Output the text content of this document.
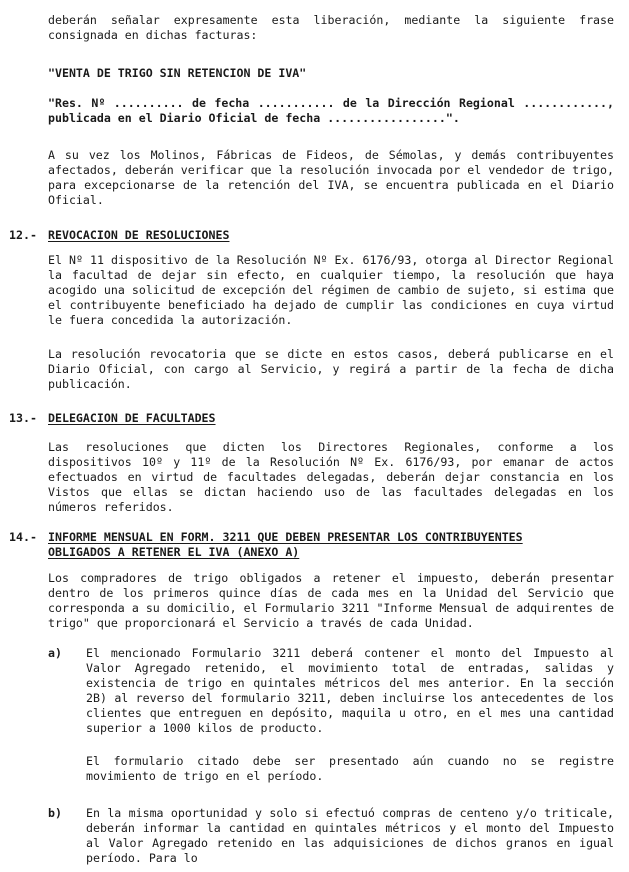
deberán señalar expresamente esta liberación, mediante la siguiente frase consignada en dichas facturas:
"VENTA DE TRIGO SIN RETENCION DE IVA"
"Res. Nº .......... de fecha ........... de la Dirección Regional ............, publicada en el Diario Oficial de fecha .................".
A su vez los Molinos, Fábricas de Fideos, de Sémolas, y demás contribuyentes afectados, deberán verificar que la resolución invocada por el vendedor de trigo, para excepcionarse de la retención del IVA, se encuentra publicada en el Diario Oficial.
12.- REVOCACION DE RESOLUCIONES
El Nº 11 dispositivo de la Resolución Nº Ex. 6176/93, otorga al Director Regional la facultad de dejar sin efecto, en cualquier tiempo, la resolución que haya acogido una solicitud de excepción del régimen de cambio de sujeto, si estima que el contribuyente beneficiado ha dejado de cumplir las condiciones en cuya virtud le fuera concedida la autorización.
La resolución revocatoria que se dicte en estos casos, deberá publicarse en el Diario Oficial, con cargo al Servicio, y regirá a partir de la fecha de dicha publicación.
13.- DELEGACION DE FACULTADES
Las resoluciones que dicten los Directores Regionales, conforme a los dispositivos 10º y 11º de la Resolución Nº Ex. 6176/93, por emanar de actos efectuados en virtud de facultades delegadas, deberán dejar constancia en los Vistos que ellas se dictan haciendo uso de las facultades delegadas en los números referidos.
14.- INFORME MENSUAL EN FORM. 3211 QUE DEBEN PRESENTAR LOS CONTRIBUYENTES
OBLIGADOS A RETENER EL IVA (ANEXO A)
Los compradores de trigo obligados a retener el impuesto, deberán presentar dentro de los primeros quince días de cada mes en la Unidad del Servicio que corresponda a su domicilio, el Formulario 3211 "Informe Mensual de adquirentes de trigo" que proporcionará el Servicio a través de cada Unidad.
a) El mencionado Formulario 3211 deberá contener el monto del Impuesto al Valor Agregado retenido, el movimiento total de entradas, salidas y existencia de trigo en quintales métricos del mes anterior. En la sección 2B) al reverso del formulario 3211, deben incluirse los antecedentes de los clientes que entreguen en depósito, maquila u otro, en el mes una cantidad superior a 1000 kilos de producto.
El formulario citado debe ser presentado aún cuando no se registre movimiento de trigo en el período.
b) En la misma oportunidad y solo si efectuó compras de centeno y/o triticale, deberán informar la cantidad en quintales métricos y el monto del Impuesto al Valor Agregado retenido en las adquisiciones de dichos granos en igual período. Para lo
